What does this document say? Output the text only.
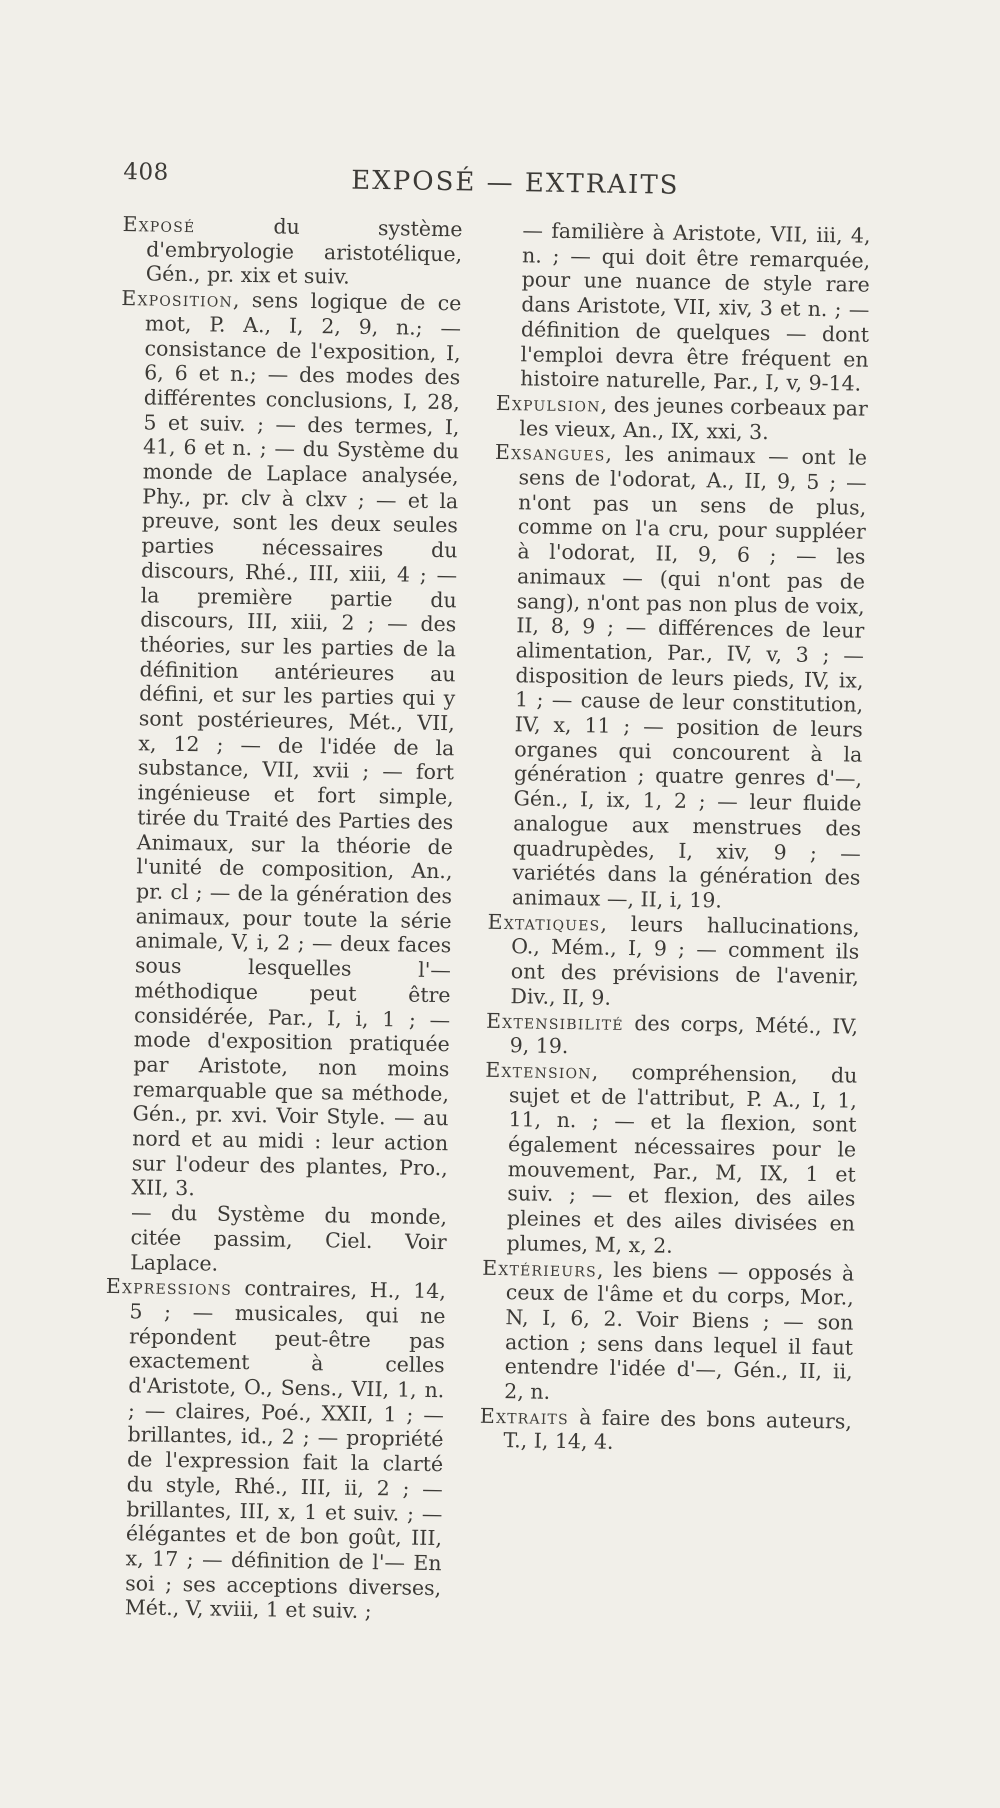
408	EXPOSÉ — EXTRAITS

Exposé du système d'embryologie aristotélique, Gén., pr. xix et suiv.

Exposition, sens logique de ce mot, P. A., I, 2, 9, n.; — consistance de l'exposition, I, 6, 6 et n.; — des modes des différentes conclusions, I, 28, 5 et suiv. ; — des termes, I, 41, 6 et n. ; — du Système du monde de Laplace analysée, Phy., pr. clv à clxv ; — et la preuve, sont les deux seules parties nécessaires du discours, Rhé., III, xiii, 4 ; — la première partie du discours, III, xiii, 2 ; — des théories, sur les parties de la définition antérieures au défini, et sur les parties qui y sont postérieures, Mét., VII, x, 12 ; — de l'idée de la substance, VII, xvii ; — fort ingénieuse et fort simple, tirée du Traité des Parties des Animaux, sur la théorie de l'unité de composition, An., pr. cl ; — de la génération des animaux, pour toute la série animale, V, i, 2 ; — deux faces sous lesquelles l'— méthodique peut être considérée, Par., I, i, 1 ; — mode d'exposition pratiquée par Aristote, non moins remarquable que sa méthode, Gén., pr. xvi. Voir Style. — au nord et au midi : leur action sur l'odeur des plantes, Pro., XII, 3.

— du Système du monde, citée passim, Ciel. Voir Laplace.

Expressions contraires, H., 14, 5 ; — musicales, qui ne répondent peut-être pas exactement à celles d'Aristote, O., Sens., VII, 1, n. ; — claires, Poé., XXII, 1 ; — brillantes, id., 2 ; — propriété de l'expression fait la clarté du style, Rhé., III, ii, 2 ; — brillantes, III, x, 1 et suiv. ; — élégantes et de bon goût, III, x, 17 ; — définition de l'— En soi ; ses acceptions diverses, Mét., V, xviii, 1 et suiv. ;

— familière à Aristote, VII, iii, 4, n. ; — qui doit être remarquée, pour une nuance de style rare dans Aristote, VII, xiv, 3 et n. ; — définition de quelques — dont l'emploi devra être fréquent en histoire naturelle, Par., I, v, 9-14.

Expulsion, des jeunes corbeaux par les vieux, An., IX, xxi, 3.

Exsangues, les animaux — ont le sens de l'odorat, A., II, 9, 5 ; — n'ont pas un sens de plus, comme on l'a cru, pour suppléer à l'odorat, II, 9, 6 ; — les animaux — (qui n'ont pas de sang), n'ont pas non plus de voix, II, 8, 9 ; — différences de leur alimentation, Par., IV, v, 3 ; — disposition de leurs pieds, IV, ix, 1 ; — cause de leur constitution, IV, x, 11 ; — position de leurs organes qui concourent à la génération ; quatre genres d'—, Gén., I, ix, 1, 2 ; — leur fluide analogue aux menstrues des quadrupèdes, I, xiv, 9 ; — variétés dans la génération des animaux —, II, i, 19.

Extatiques, leurs hallucinations, O., Mém., I, 9 ; — comment ils ont des prévisions de l'avenir, Div., II, 9.

Extensibilité des corps, Mété., IV, 9, 19.

Extension, compréhension, du sujet et de l'attribut, P. A., I, 1, 11, n. ; — et la flexion, sont également nécessaires pour le mouvement, Par., M, IX, 1 et suiv. ; — et flexion, des ailes pleines et des ailes divisées en plumes, M, x, 2.

Extérieurs, les biens — opposés à ceux de l'âme et du corps, Mor., N, I, 6, 2. Voir Biens ; — son action ; sens dans lequel il faut entendre l'idée d'—, Gén., II, ii, 2, n.

Extraits à faire des bons auteurs, T., I, 14, 4.
